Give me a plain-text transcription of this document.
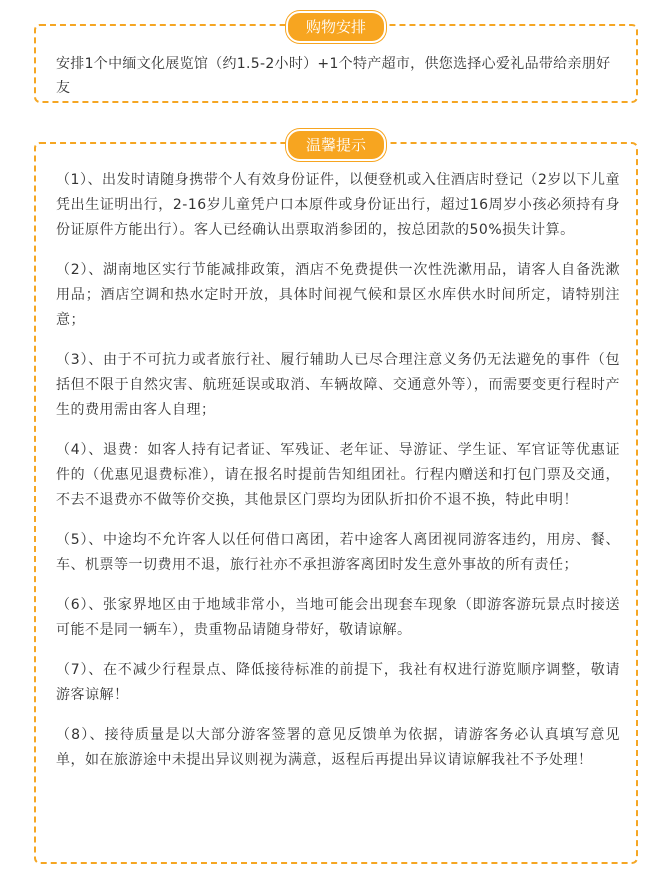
购物安排

安排1个中缅文化展览馆（约1.5-2小时）+1个特产超市，供您选择心爱礼品带给亲朋好友

温馨提示

（1）、出发时请随身携带个人有效身份证件，以便登机或入住酒店时登记（2岁以下儿童凭出生证明出行，2-16岁儿童凭户口本原件或身份证出行，超过16周岁小孩必须持有身份证原件方能出行）。客人已经确认出票取消参团的，按总团款的50%损失计算。

（2）、湖南地区实行节能减排政策，酒店不免费提供一次性洗漱用品，请客人自备洗漱用品；酒店空调和热水定时开放，具体时间视气候和景区水库供水时间所定，请特别注意；

（3）、由于不可抗力或者旅行社、履行辅助人已尽合理注意义务仍无法避免的事件（包括但不限于自然灾害、航班延误或取消、车辆故障、交通意外等），而需要变更行程时产生的费用需由客人自理；

（4）、退费：如客人持有记者证、军残证、老年证、导游证、学生证、军官证等优惠证件的（优惠见退费标准），请在报名时提前告知组团社。行程内赠送和打包门票及交通，不去不退费亦不做等价交换，其他景区门票均为团队折扣价不退不换，特此申明！

（5）、中途均不允许客人以任何借口离团，若中途客人离团视同游客违约，用房、餐、车、机票等一切费用不退，旅行社亦不承担游客离团时发生意外事故的所有责任；

（6）、张家界地区由于地域非常小，当地可能会出现套车现象（即游客游玩景点时接送可能不是同一辆车），贵重物品请随身带好，敬请谅解。

（7）、在不减少行程景点、降低接待标准的前提下，我社有权进行游览顺序调整，敬请游客谅解！

（8）、接待质量是以大部分游客签署的意见反馈单为依据，请游客务必认真填写意见单，如在旅游途中未提出异议则视为满意，返程后再提出异议请谅解我社不予处理！
